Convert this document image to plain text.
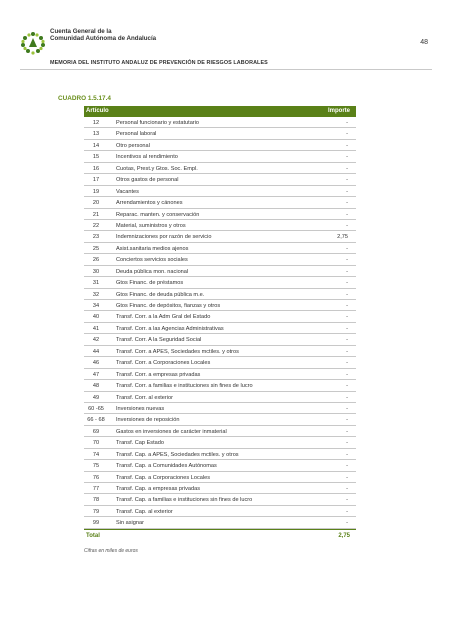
Cuenta General de la
Comunidad Autónoma de Andalucía
48
MEMORIA DEL INSTITUTO ANDALUZ DE PREVENCIÓN DE RIESGOS LABORALES
CUADRO 1.5.17.4
Artículo	Importe
12	Personal funcionario y estatutario	-
13	Personal laboral	-
14	Otro personal	-
15	Incentivos al rendimiento	-
16	Cuotas, Prest.y Gtos. Soc. Empl.	-
17	Otros gastos de personal	-
19	Vacantes	-
20	Arrendamientos y cánones	-
21	Reparac. manten. y conservación	-
22	Material, suministros y otros	-
23	Indemnizaciones por razón de servicio	2,75
25	Asist.sanitaria medios ajenos	-
26	Conciertos servicios sociales	-
30	Deuda pública mon. nacional	-
31	Gtos Financ. de préstamos	-
32	Gtos Financ. de deuda pública m.e.	-
34	Gtos Financ. de depósitos, fianzas y otros	-
40	Transf. Corr. a la Adm Gral del Estado	-
41	Transf. Corr. a las Agencias Administrativas	-
42	Transf. Corr. A la Seguridad Social	-
44	Transf. Corr. a APES, Sociedades mctiles. y otros	-
46	Transf. Corr. a Corporaciones Locales	-
47	Transf. Corr. a empresas privadas	-
48	Transf. Corr. a familias e instituciones sin fines de lucro	-
49	Transf. Corr. al exterior	-
60 -65	Inversiones nuevas	-
66 - 68	Inversiones de reposición	-
69	Gastos en inversiones de carácter inmaterial	-
70	Transf. Cap Estado	-
74	Transf. Cap. a APES, Sociedades mctiles. y otros	-
75	Transf. Cap. a Comunidades Autónomas	-
76	Transf. Cap. a Corporaciones Locales	-
77	Transf. Cap. a empresas privadas	-
78	Transf. Cap. a familias e instituciones sin fines de lucro	-
79	Transf. Cap. al exterior	-
99	Sin asignar	-
Total	2,75
Cifras en miles de euros
